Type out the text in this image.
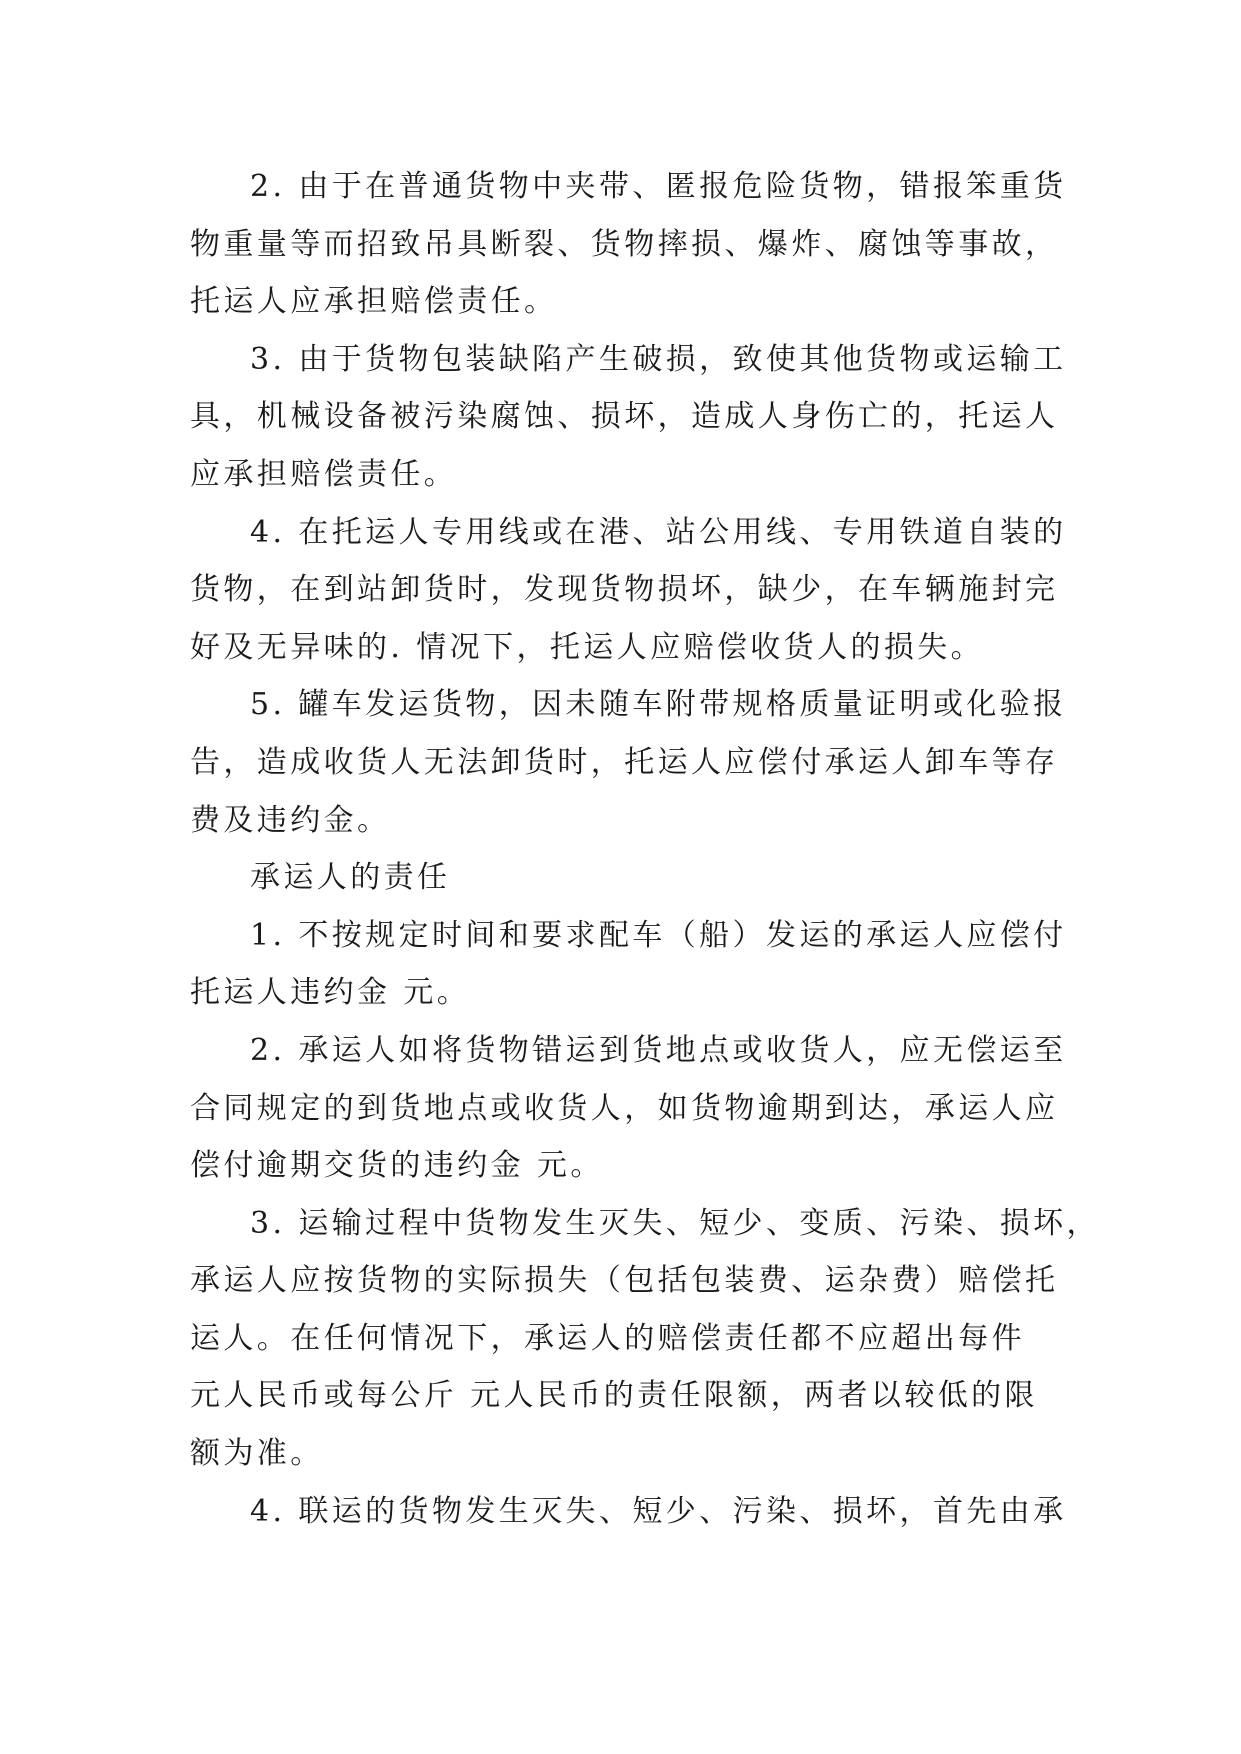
2. 由于在普通货物中夹带、匿报危险货物，错报笨重货
物重量等而招致吊具断裂、货物摔损、爆炸、腐蚀等事故，
托运人应承担赔偿责任。
3. 由于货物包装缺陷产生破损，致使其他货物或运输工
具，机械设备被污染腐蚀、损坏，造成人身伤亡的，托运人
应承担赔偿责任。
4. 在托运人专用线或在港、站公用线、专用铁道自装的
货物，在到站卸货时，发现货物损坏，缺少，在车辆施封完
好及无异味的. 情况下，托运人应赔偿收货人的损失。
5. 罐车发运货物，因未随车附带规格质量证明或化验报
告，造成收货人无法卸货时，托运人应偿付承运人卸车等存
费及违约金。
承运人的责任
1. 不按规定时间和要求配车（船）发运的承运人应偿付
托运人违约金 元。
2. 承运人如将货物错运到货地点或收货人，应无偿运至
合同规定的到货地点或收货人，如货物逾期到达，承运人应
偿付逾期交货的违约金 元。
3. 运输过程中货物发生灭失、短少、变质、污染、损坏，
承运人应按货物的实际损失（包括包装费、运杂费）赔偿托
运人。在任何情况下，承运人的赔偿责任都不应超出每件
元人民币或每公斤 元人民币的责任限额，两者以较低的限
额为准。
4. 联运的货物发生灭失、短少、污染、损坏，首先由承
